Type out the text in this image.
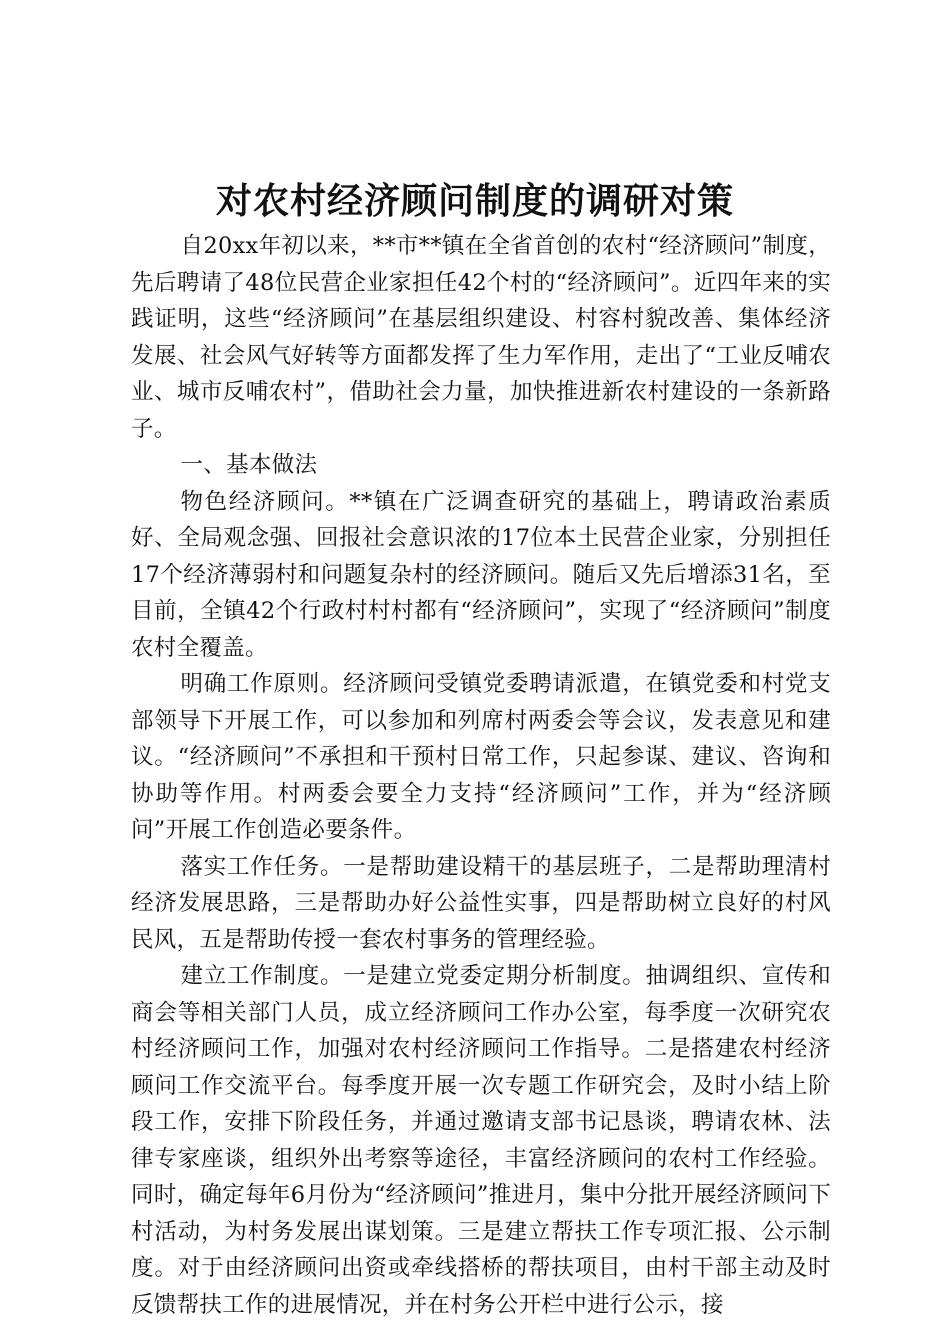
对农村经济顾问制度的调研对策

自20xx年初以来，**市**镇在全省首创的农村“经济顾问”制度，先后聘请了48位民营企业家担任42个村的“经济顾问”。近四年来的实践证明，这些“经济顾问”在基层组织建设、村容村貌改善、集体经济发展、社会风气好转等方面都发挥了生力军作用，走出了“工业反哺农业、城市反哺农村”，借助社会力量，加快推进新农村建设的一条新路子。

一、基本做法

物色经济顾问。**镇在广泛调查研究的基础上，聘请政治素质好、全局观念强、回报社会意识浓的17位本土民营企业家，分别担任17个经济薄弱村和问题复杂村的经济顾问。随后又先后增添31名，至目前，全镇42个行政村村村都有“经济顾问”，实现了“经济顾问”制度农村全覆盖。

明确工作原则。经济顾问受镇党委聘请派遣，在镇党委和村党支部领导下开展工作，可以参加和列席村两委会等会议，发表意见和建议。“经济顾问”不承担和干预村日常工作，只起参谋、建议、咨询和协助等作用。村两委会要全力支持“经济顾问”工作，并为“经济顾问”开展工作创造必要条件。

落实工作任务。一是帮助建设精干的基层班子，二是帮助理清村经济发展思路，三是帮助办好公益性实事，四是帮助树立良好的村风民风，五是帮助传授一套农村事务的管理经验。

建立工作制度。一是建立党委定期分析制度。抽调组织、宣传和商会等相关部门人员，成立经济顾问工作办公室，每季度一次研究农村经济顾问工作，加强对农村经济顾问工作指导。二是搭建农村经济顾问工作交流平台。每季度开展一次专题工作研究会，及时小结上阶段工作，安排下阶段任务，并通过邀请支部书记恳谈，聘请农林、法律专家座谈，组织外出考察等途径，丰富经济顾问的农村工作经验。同时，确定每年6月份为“经济顾问”推进月，集中分批开展经济顾问下村活动，为村务发展出谋划策。三是建立帮扶工作专项汇报、公示制度。对于由经济顾问出资或牵线搭桥的帮扶项目，由村干部主动及时反馈帮扶工作的进展情况，并在村务公开栏中进行公示，接
